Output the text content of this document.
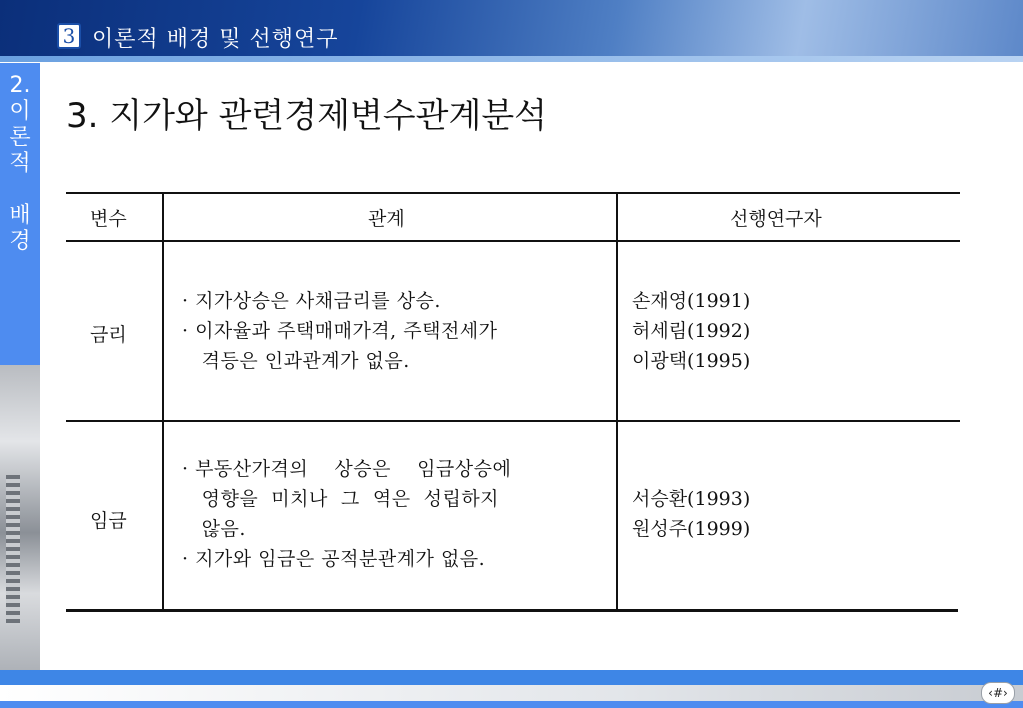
3 이론적 배경 및 선행연구
2.
이
론
적

배
경
3. 지가와 관련경제변수관계분석
변수	관계	선행연구자
금리
· 지가상승은 사채금리를 상승.
· 이자율과 주택매매가격, 주택전세가
격등은 인과관계가 없음.
손재영(1991)
허세림(1992)
이광택(1995)
임금
· 부동산가격의    상승은    임금상승에
영향을  미치나  그  역은  성립하지
않음.
· 지가와 임금은 공적분관계가 없음.
서승환(1993)
원성주(1999)
‹#›
